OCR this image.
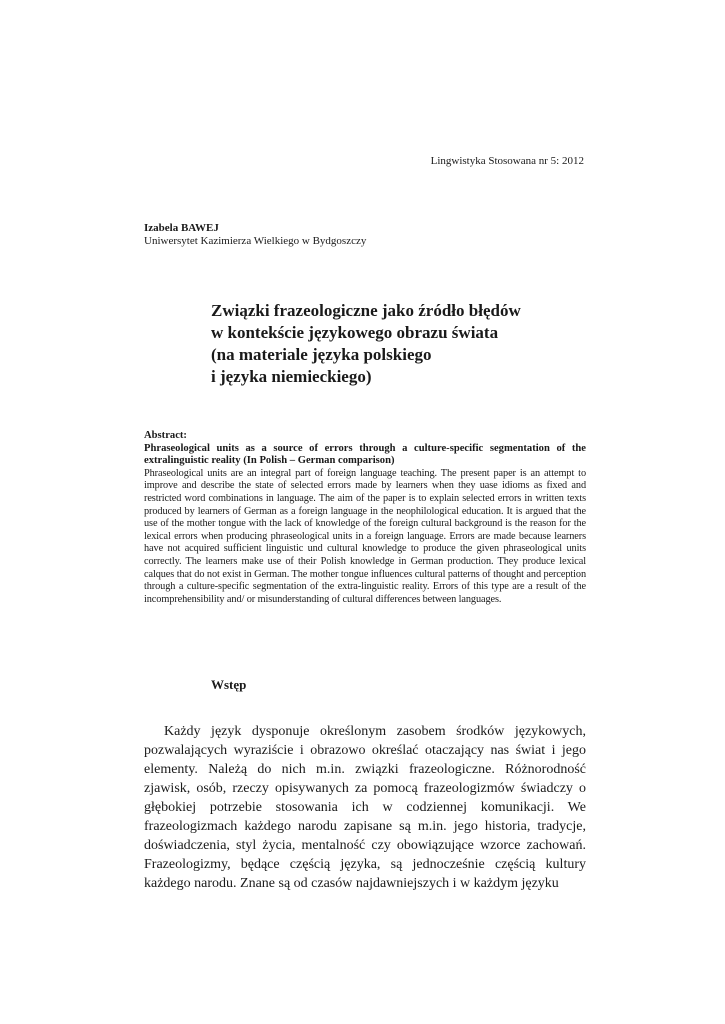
Lingwistyka Stosowana nr 5: 2012
Izabela BAWEJ
Uniwersytet Kazimierza Wielkiego w Bydgoszczy
Związki frazeologiczne jako źródło błędów
w kontekście językowego obrazu świata
(na materiale języka polskiego
i języka niemieckiego)
Abstract:
Phraseological units as a source of errors through a culture-specific segmentation of the extralinguistic reality (In Polish – German comparison)
Phraseological units are an integral part of foreign language teaching. The present paper is an attempt to improve and describe the state of selected errors made by learners when they uase idioms as fixed and restricted word combinations in language. The aim of the paper is to explain selected errors in written texts produced by learners of German as a foreign language in the neophilological education. It is argued that the use of the mother tongue with the lack of knowledge of the foreign cultural background is the reason for the lexical errors when producing phraseological units in a foreign language. Errors are made because learners have not acquired sufficient linguistic und cultural knowledge to produce the given phraseological units correctly. The learners make use of their Polish knowledge in German production. They produce lexical calques that do not exist in German. The mother tongue influences cultural patterns of thought and perception through a culture-specific segmentation of the extra-linguistic reality. Errors of this type are a result of the incomprehensibility and/ or misunderstanding of cultural differences between languages.
Wstęp
Każdy język dysponuje określonym zasobem środków językowych, pozwalających wyraziście i obrazowo określać otaczający nas świat i jego elementy. Należą do nich m.in. związki frazeologiczne. Różnorodność zjawisk, osób, rzeczy opisywanych za pomocą frazeologizmów świadczy o głębokiej potrzebie stosowania ich w codziennej komunikacji. We frazeologizmach każdego narodu zapisane są m.in. jego historia, tradycje, doświadczenia, styl życia, mentalność czy obowiązujące wzorce zachowań. Frazeologizmy, będące częścią języka, są jednocześnie częścią kultury każdego narodu. Znane są od czasów najdawniejszych i w każdym języku
